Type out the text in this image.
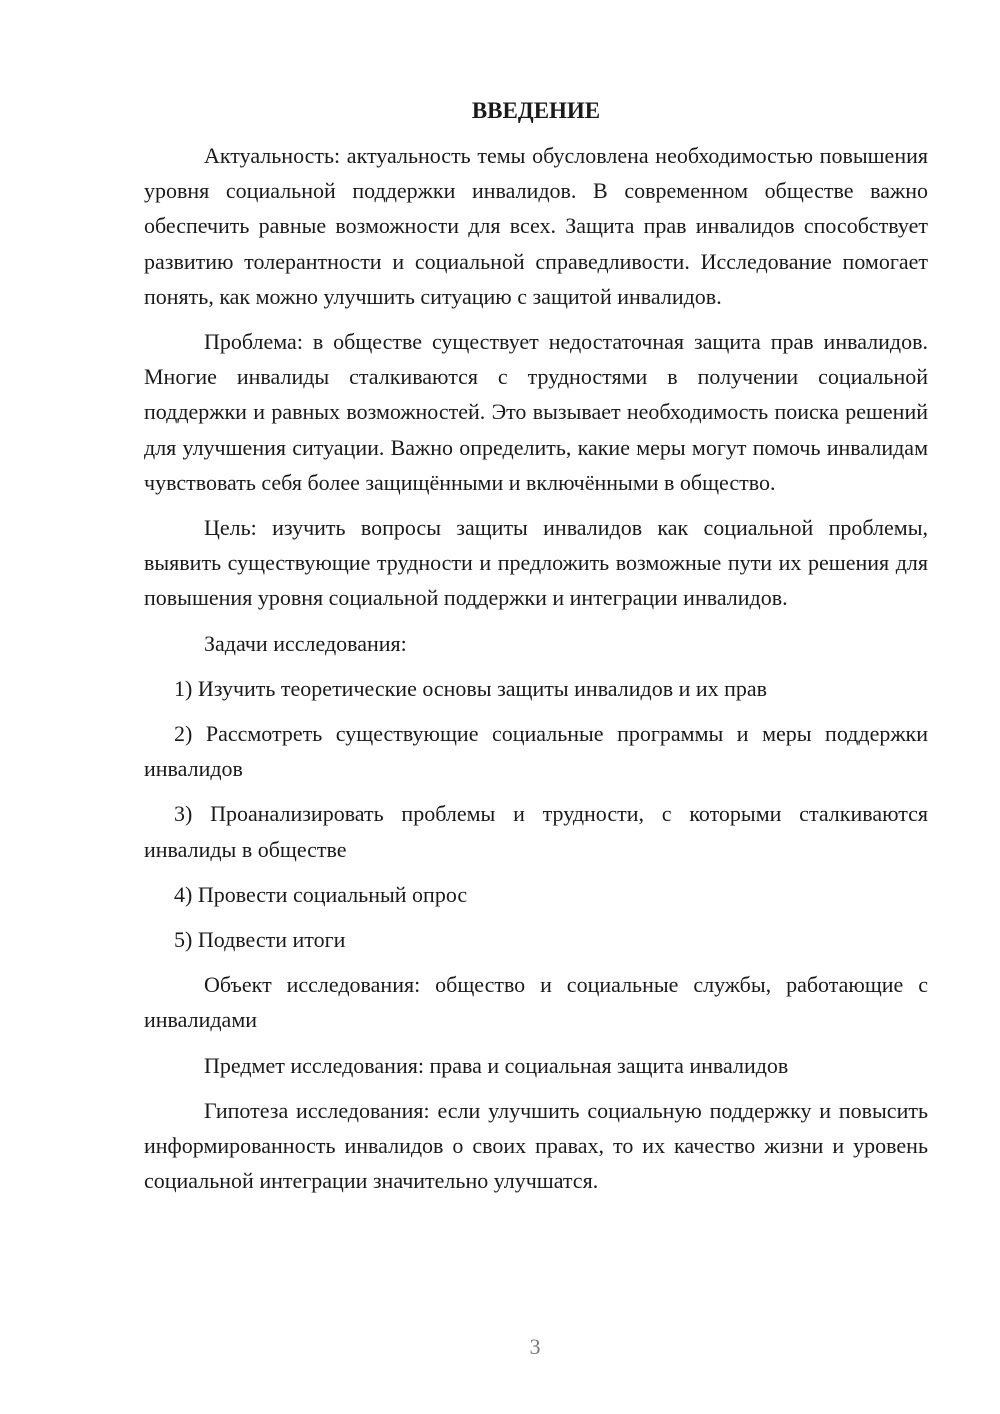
ВВЕДЕНИЕ

Актуальность: актуальность темы обусловлена необходимостью повышения уровня социальной поддержки инвалидов. В современном обществе важно обеспечить равные возможности для всех. Защита прав инвалидов способствует развитию толерантности и социальной справедливости. Исследование помогает понять, как можно улучшить ситуацию с защитой инвалидов.

Проблема: в обществе существует недостаточная защита прав инвалидов. Многие инвалиды сталкиваются с трудностями в получении социальной поддержки и равных возможностей. Это вызывает необходимость поиска решений для улучшения ситуации. Важно определить, какие меры могут помочь инвалидам чувствовать себя более защищёнными и включёнными в общество.

Цель: изучить вопросы защиты инвалидов как социальной проблемы, выявить существующие трудности и предложить возможные пути их решения для повышения уровня социальной поддержки и интеграции инвалидов.

Задачи исследования:

1) Изучить теоретические основы защиты инвалидов и их прав

2) Рассмотреть существующие социальные программы и меры поддержки инвалидов

3) Проанализировать проблемы и трудности, с которыми сталкиваются инвалиды в обществе

4) Провести социальный опрос

5) Подвести итоги

Объект исследования: общество и социальные службы, работающие с инвалидами

Предмет исследования: права и социальная защита инвалидов

Гипотеза исследования: если улучшить социальную поддержку и повысить информированность инвалидов о своих правах, то их качество жизни и уровень социальной интеграции значительно улучшатся.

3
